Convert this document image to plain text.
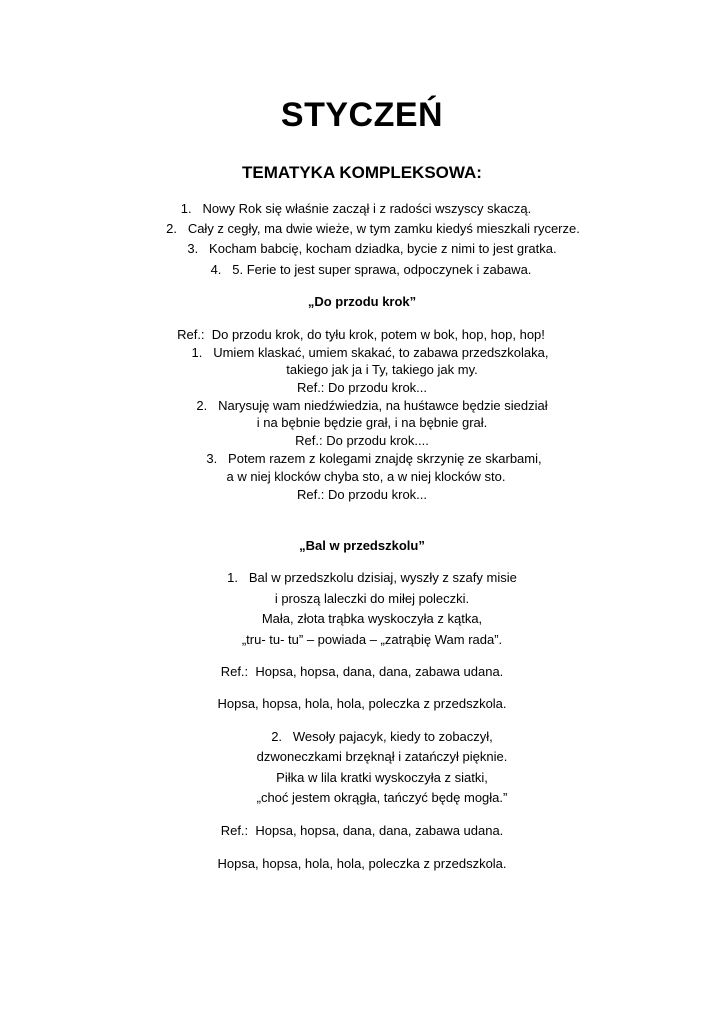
STYCZEŃ
TEMATYKA KOMPLEKSOWA:
1.   Nowy Rok się właśnie zaczął i z radości wszyscy skaczą.
2.   Cały z cegły, ma dwie wieże, w tym zamku kiedyś mieszkali rycerze.
3.   Kocham babcię, kocham dziadka, bycie z nimi to jest gratka.
4.   5. Ferie to jest super sprawa, odpoczynek i zabawa.
„Do przodu krok”
Ref.:  Do przodu krok, do tyłu krok, potem w bok, hop, hop, hop!
1.   Umiem klaskać, umiem skakać, to zabawa przedszkolaka,
takiego jak ja i Ty, takiego jak my.
Ref.: Do przodu krok...
2.   Narysuję wam niedźwiedzia, na huśtawce będzie siedział
i na bębnie będzie grał, i na bębnie grał.
Ref.: Do przodu krok....
3.   Potem razem z kolegami znajdę skrzynię ze skarbami,
a w niej klocków chyba sto, a w niej klocków sto.
Ref.: Do przodu krok...
„Bal w przedszkolu”
1.   Bal w przedszkolu dzisiaj, wyszły z szafy misie
i proszą laleczki do miłej poleczki.
Mała, złota trąbka wyskoczyła z kątka,
„tru- tu- tu” – powiada – „zatrąbię Wam rada”.
Ref.:  Hopsa, hopsa, dana, dana, zabawa udana.
Hopsa, hopsa, hola, hola, poleczka z przedszkola.
2.   Wesoły pajacyk, kiedy to zobaczył,
dzwoneczkami brzęknął i zatańczył pięknie.
Piłka w lila kratki wyskoczyła z siatki,
„choć jestem okrągła, tańczyć będę mogła.”
Ref.:  Hopsa, hopsa, dana, dana, zabawa udana.
Hopsa, hopsa, hola, hola, poleczka z przedszkola.
